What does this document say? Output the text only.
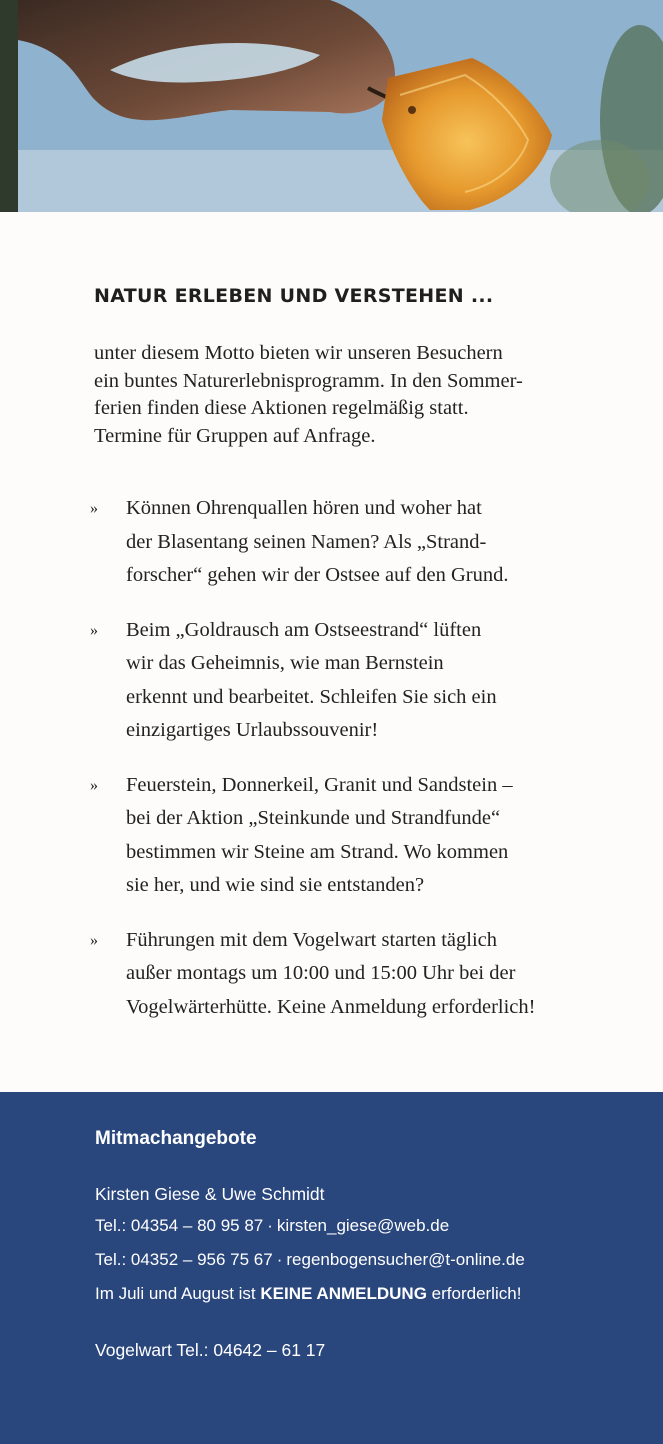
NATUR ERLEBEN UND VERSTEHEN ...
unter diesem Motto bieten wir unseren Besuchern
ein buntes Naturerlebnisprogramm. In den Sommer-
ferien finden diese Aktionen regelmäßig statt.
Termine für Gruppen auf Anfrage.
» Können Ohrenquallen hören und woher hat
der Blasentang seinen Namen? Als „Strand-
forscher“ gehen wir der Ostsee auf den Grund.
» Beim „Goldrausch am Ostseestrand“ lüften
wir das Geheimnis, wie man Bernstein
erkennt und bearbeitet. Schleifen Sie sich ein
einzigartiges Urlaubssouvenir!
» Feuerstein, Donnerkeil, Granit und Sandstein –
bei der Aktion „Steinkunde und Strandfunde“
bestimmen wir Steine am Strand. Wo kommen
sie her, und wie sind sie entstanden?
» Führungen mit dem Vogelwart starten täglich
außer montags um 10:00 und 15:00 Uhr bei der
Vogelwärterhütte. Keine Anmeldung erforderlich!
Mitmachangebote
Kirsten Giese & Uwe Schmidt
Tel.: 04354 – 80 95 87 · kirsten_giese@web.de
Tel.: 04352 – 956 75 67 · regenbogensucher@t-online.de
Im Juli und August ist KEINE ANMELDUNG erforderlich!
Vogelwart Tel.: 04642 – 61 17
